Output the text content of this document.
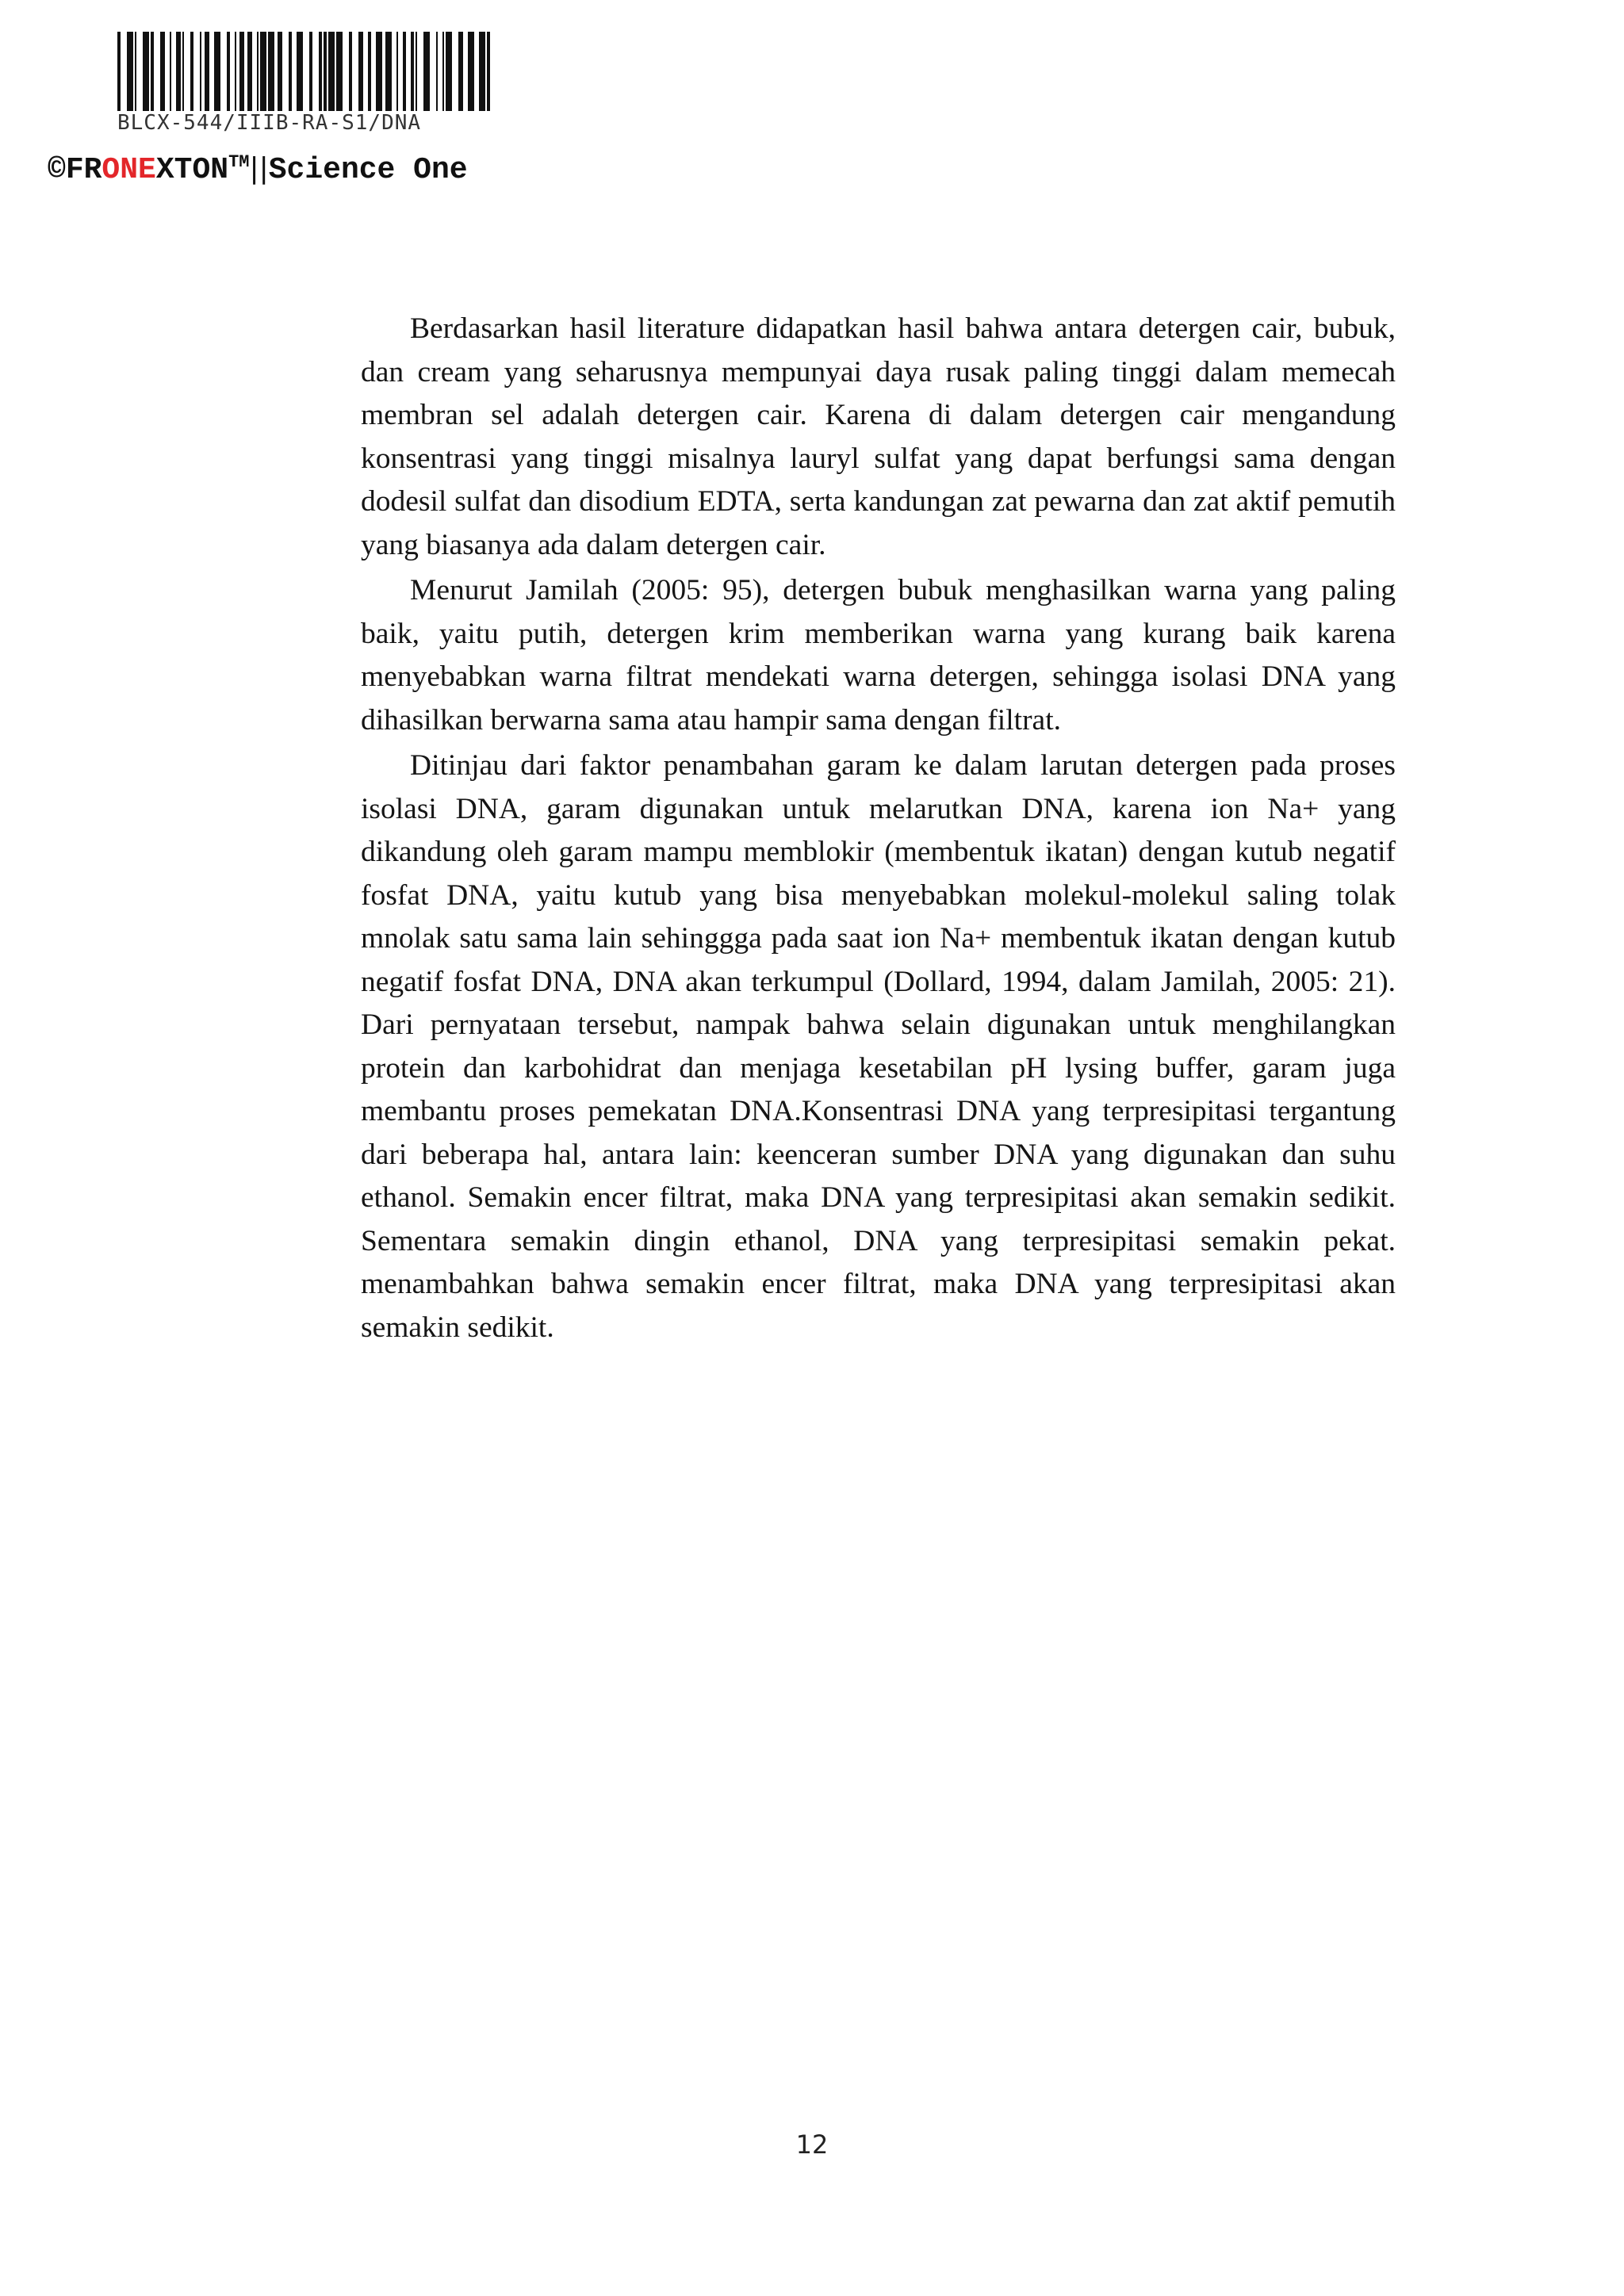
BLCX-544/IIIB-RA-S1/DNA
©FRONEXTON™||Science One

Berdasarkan hasil literature didapatkan hasil bahwa antara detergen cair, bubuk, dan cream yang seharusnya mempunyai daya rusak paling tinggi dalam memecah membran sel adalah detergen cair. Karena di dalam detergen cair mengandung konsentrasi yang tinggi misalnya lauryl sulfat yang dapat berfungsi sama dengan dodesil sulfat dan disodium EDTA, serta kandungan zat pewarna dan zat aktif pemutih yang biasanya ada dalam detergen cair.

Menurut Jamilah (2005: 95), detergen bubuk menghasilkan warna yang paling baik, yaitu putih, detergen krim memberikan warna yang kurang baik karena menyebabkan warna filtrat mendekati warna detergen, sehingga isolasi DNA yang dihasilkan berwarna sama atau hampir sama dengan filtrat.

Ditinjau dari faktor penambahan garam ke dalam larutan detergen pada proses isolasi DNA, garam digunakan untuk melarutkan DNA, karena ion Na+ yang dikandung oleh garam mampu memblokir (membentuk ikatan) dengan kutub negatif fosfat DNA, yaitu kutub yang bisa menyebabkan molekul-molekul saling tolak mnolak satu sama lain sehinggga pada saat ion Na+ membentuk ikatan dengan kutub negatif fosfat DNA, DNA akan terkumpul (Dollard, 1994, dalam Jamilah, 2005: 21). Dari pernyataan tersebut, nampak bahwa selain digunakan untuk menghilangkan protein dan karbohidrat dan menjaga kesetabilan pH lysing buffer, garam juga membantu proses pemekatan DNA.Konsentrasi DNA yang terpresipitasi tergantung dari beberapa hal, antara lain: keenceran sumber DNA yang digunakan dan suhu ethanol. Semakin encer filtrat, maka DNA yang terpresipitasi akan semakin sedikit. Sementara semakin dingin ethanol, DNA yang terpresipitasi semakin pekat. menambahkan bahwa semakin encer filtrat, maka DNA yang terpresipitasi akan semakin sedikit.

12
